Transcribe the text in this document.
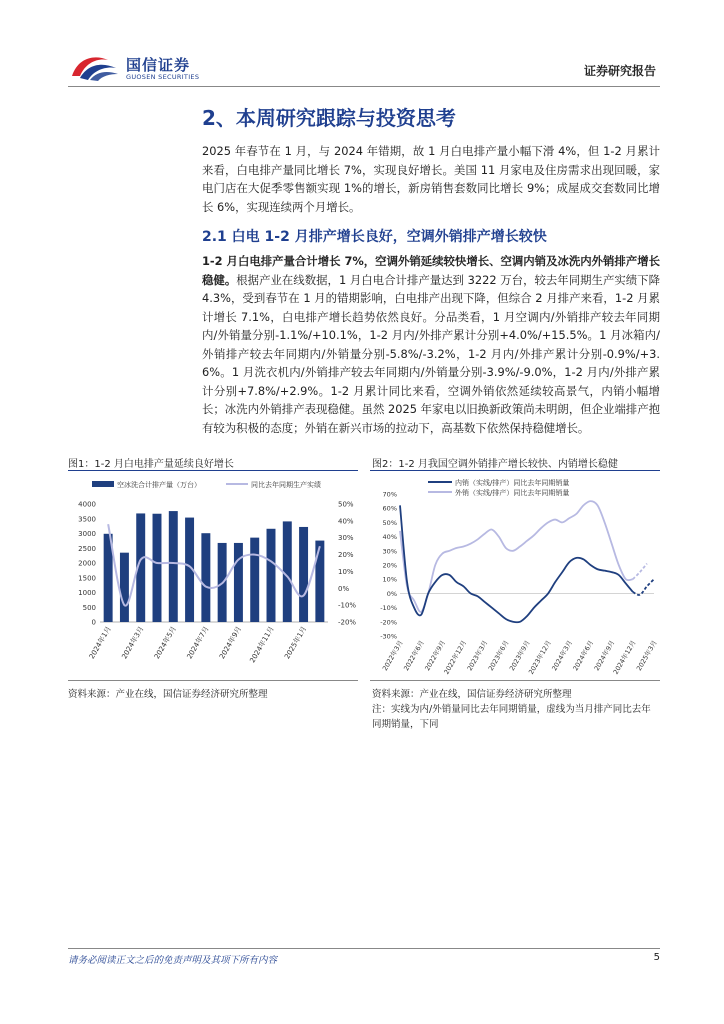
国信证券
GUOSEN SECURITIES	证券研究报告
2、本周研究跟踪与投资思考
2025 年春节在 1 月，与 2024 年错期，故 1 月白电排产量小幅下滑 4%，但 1-2 月累计来看，白电排产量同比增长 7%，实现良好增长。美国 11 月家电及住房需求出现回暖，家电门店在大促季零售额实现 1%的增长，新房销售套数同比增长 9%；成屋成交套数同比增长 6%，实现连续两个月增长。
2.1 白电 1-2 月排产增长良好，空调外销排产增长较快
1-2 月白电排产量合计增长 7%，空调外销延续较快增长、空调内销及冰洗内外销排产增长稳健。根据产业在线数据，1 月白电合计排产量达到 3222 万台，较去年同期生产实绩下降 4.3%，受到春节在 1 月的错期影响，白电排产出现下降，但综合 2 月排产来看，1-2 月累计增长 7.1%，白电排产增长趋势依然良好。分品类看，1 月空调内/外销排产较去年同期内/外销量分别-1.1%/+10.1%，1-2 月内/外排产累计分别+4.0%/+15.5%。1 月冰箱内/外销排产较去年同期内/外销量分别-5.8%/-3.2%，1-2 月内/外排产累计分别-0.9%/+3.6%。1 月洗衣机内/外销排产较去年同期内/外销量分别-3.9%/-9.0%，1-2 月内/外排产累计分别+7.8%/+2.9%。1-2 月累计同比来看，空调外销依然延续较高景气，内销小幅增长；冰洗内外销排产表现稳健。虽然 2025 年家电以旧换新政策尚未明朗，但企业端排产抱有较为积极的态度；外销在新兴市场的拉动下，高基数下依然保持稳健增长。
图1：1-2 月白电排产量延续良好增长
空冰洗合计排产量（万台）	同比去年同期生产实绩
0
500
1000
1500
2000
2500
3000
3500
4000
-20%
-10%
0%
10%
20%
30%
40%
50%
2024年1月 2024年3月 2024年5月 2024年7月 2024年9月 2024年11月 2025年1月
资料来源：产业在线，国信证券经济研究所整理
图2：1-2 月我国空调外销排产增长较快、内销增长稳健
内销（实线/排产）同比去年同期销量
外销（实线/排产）同比去年同期销量
-30%
-20%
-10%
0%
10%
20%
30%
40%
50%
60%
70%
2022年3月
2022年6月
2022年9月
2022年12月
2023年3月
2023年6月
2023年9月
2023年12月
2024年3月
2024年6月
2024年9月
2024年12月
2025年3月
资料来源：产业在线，国信证券经济研究所整理
注：实线为内/外销量同比去年同期销量，虚线为当月排产同比去年同期销量，下同
请务必阅读正文之后的免责声明及其项下所有内容	5
